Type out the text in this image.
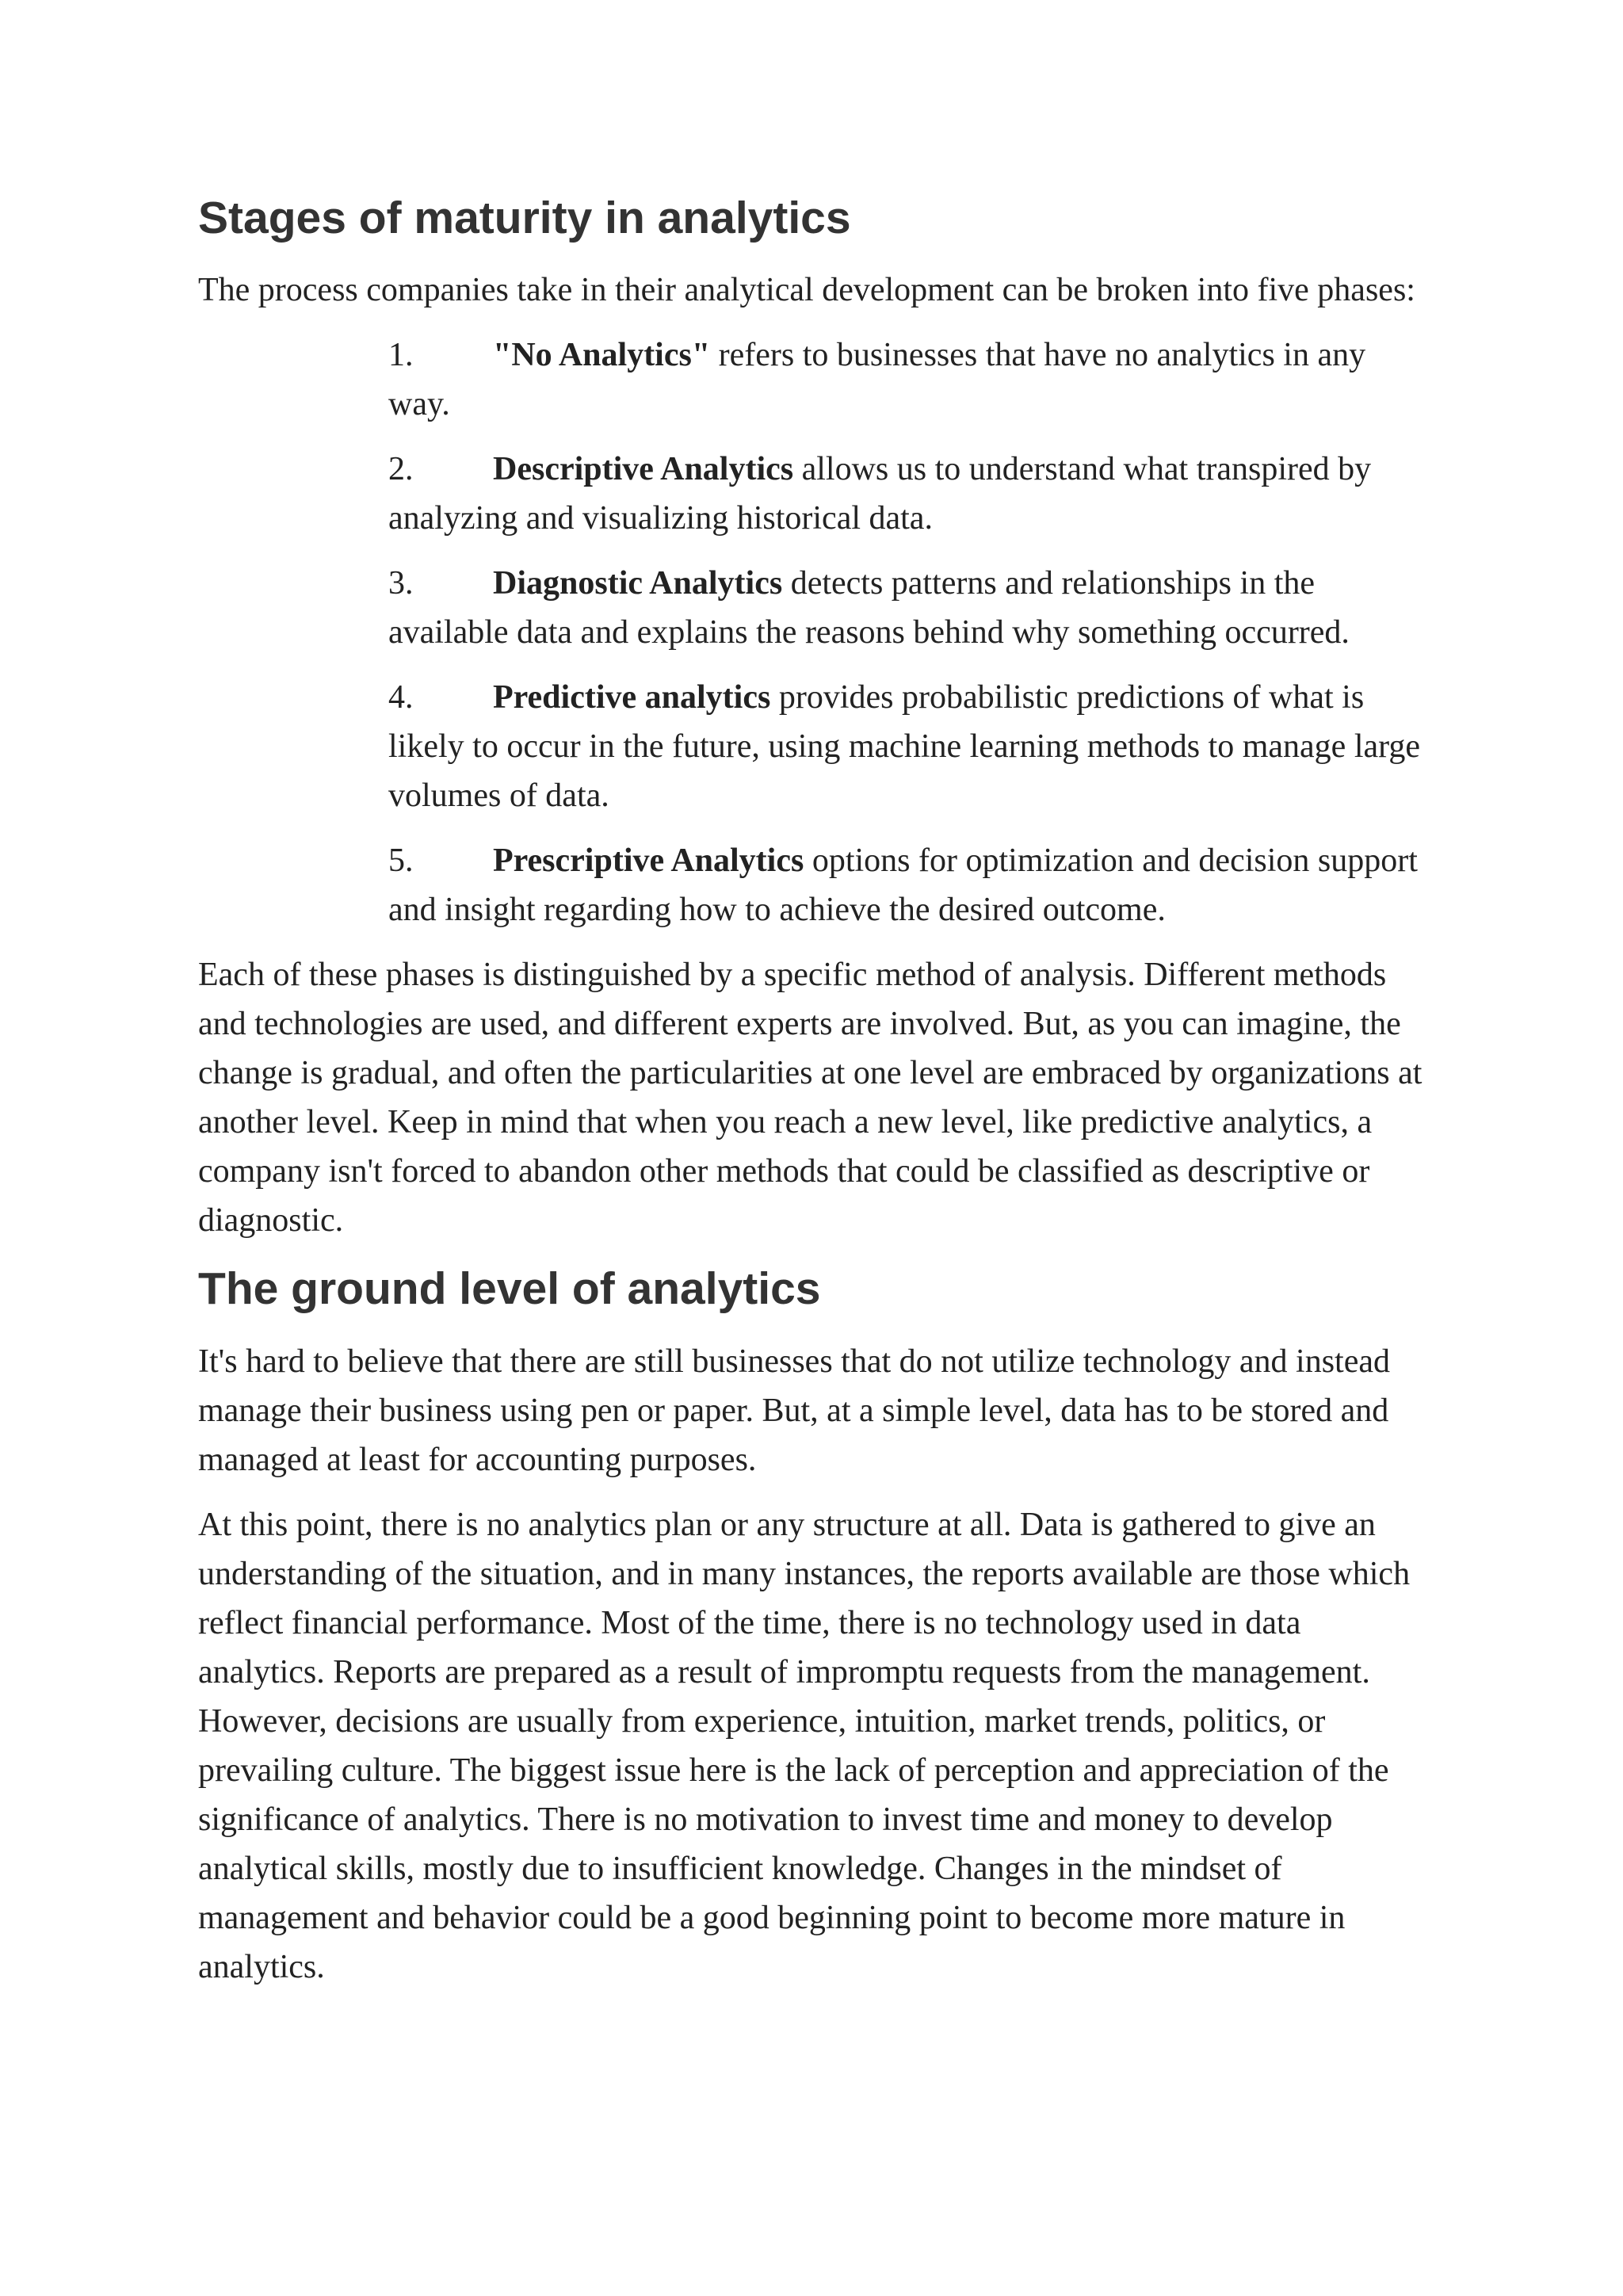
Stages of maturity in analytics

The process companies take in their analytical development can be broken into five phases:

1. "No Analytics" refers to businesses that have no analytics in any way.
2. Descriptive Analytics allows us to understand what transpired by analyzing and visualizing historical data.
3. Diagnostic Analytics detects patterns and relationships in the available data and explains the reasons behind why something occurred.
4. Predictive analytics provides probabilistic predictions of what is likely to occur in the future, using machine learning methods to manage large volumes of data.
5. Prescriptive Analytics options for optimization and decision support and insight regarding how to achieve the desired outcome.

Each of these phases is distinguished by a specific method of analysis. Different methods and technologies are used, and different experts are involved. But, as you can imagine, the change is gradual, and often the particularities at one level are embraced by organizations at another level. Keep in mind that when you reach a new level, like predictive analytics, a company isn't forced to abandon other methods that could be classified as descriptive or diagnostic.

The ground level of analytics

It's hard to believe that there are still businesses that do not utilize technology and instead manage their business using pen or paper. But, at a simple level, data has to be stored and managed at least for accounting purposes.

At this point, there is no analytics plan or any structure at all. Data is gathered to give an understanding of the situation, and in many instances, the reports available are those which reflect financial performance. Most of the time, there is no technology used in data analytics. Reports are prepared as a result of impromptu requests from the management. However, decisions are usually from experience, intuition, market trends, politics, or prevailing culture. The biggest issue here is the lack of perception and appreciation of the significance of analytics. There is no motivation to invest time and money to develop analytical skills, mostly due to insufficient knowledge. Changes in the mindset of management and behavior could be a good beginning point to become more mature in analytics.
